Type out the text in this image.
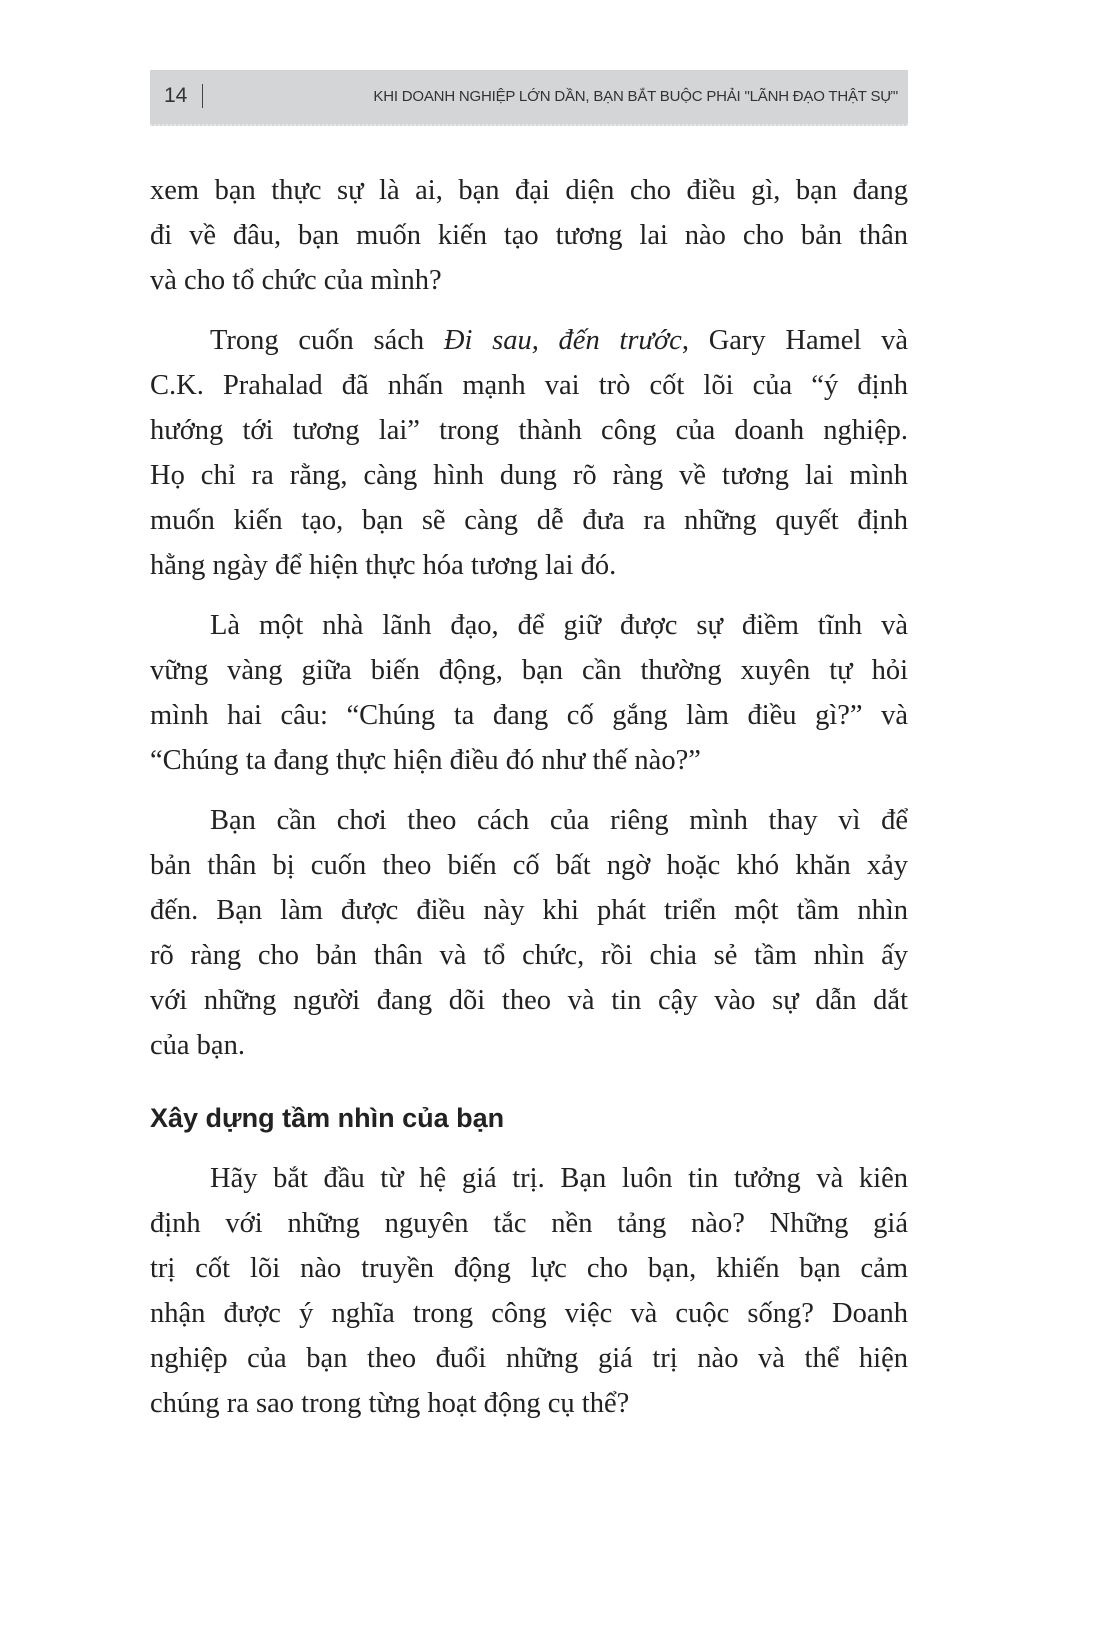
14	KHI DOANH NGHIỆP LỚN DẦN, BẠN BẮT BUỘC PHẢI "LÃNH ĐẠO THẬT SỰ"
xem bạn thực sự là ai, bạn đại diện cho điều gì, bạn đang
đi về đâu, bạn muốn kiến tạo tương lai nào cho bản thân
và cho tổ chức của mình?
Trong cuốn sách Đi sau, đến trước, Gary Hamel và
C.K. Prahalad đã nhấn mạnh vai trò cốt lõi của “ý định
hướng tới tương lai” trong thành công của doanh nghiệp.
Họ chỉ ra rằng, càng hình dung rõ ràng về tương lai mình
muốn kiến tạo, bạn sẽ càng dễ đưa ra những quyết định
hằng ngày để hiện thực hóa tương lai đó.
Là một nhà lãnh đạo, để giữ được sự điềm tĩnh và
vững vàng giữa biến động, bạn cần thường xuyên tự hỏi
mình hai câu: “Chúng ta đang cố gắng làm điều gì?” và
“Chúng ta đang thực hiện điều đó như thế nào?”
Bạn cần chơi theo cách của riêng mình thay vì để
bản thân bị cuốn theo biến cố bất ngờ hoặc khó khăn xảy
đến. Bạn làm được điều này khi phát triển một tầm nhìn
rõ ràng cho bản thân và tổ chức, rồi chia sẻ tầm nhìn ấy
với những người đang dõi theo và tin cậy vào sự dẫn dắt
của bạn.
Xây dựng tầm nhìn của bạn
Hãy bắt đầu từ hệ giá trị. Bạn luôn tin tưởng và kiên
định với những nguyên tắc nền tảng nào? Những giá
trị cốt lõi nào truyền động lực cho bạn, khiến bạn cảm
nhận được ý nghĩa trong công việc và cuộc sống? Doanh
nghiệp của bạn theo đuổi những giá trị nào và thể hiện
chúng ra sao trong từng hoạt động cụ thể?
